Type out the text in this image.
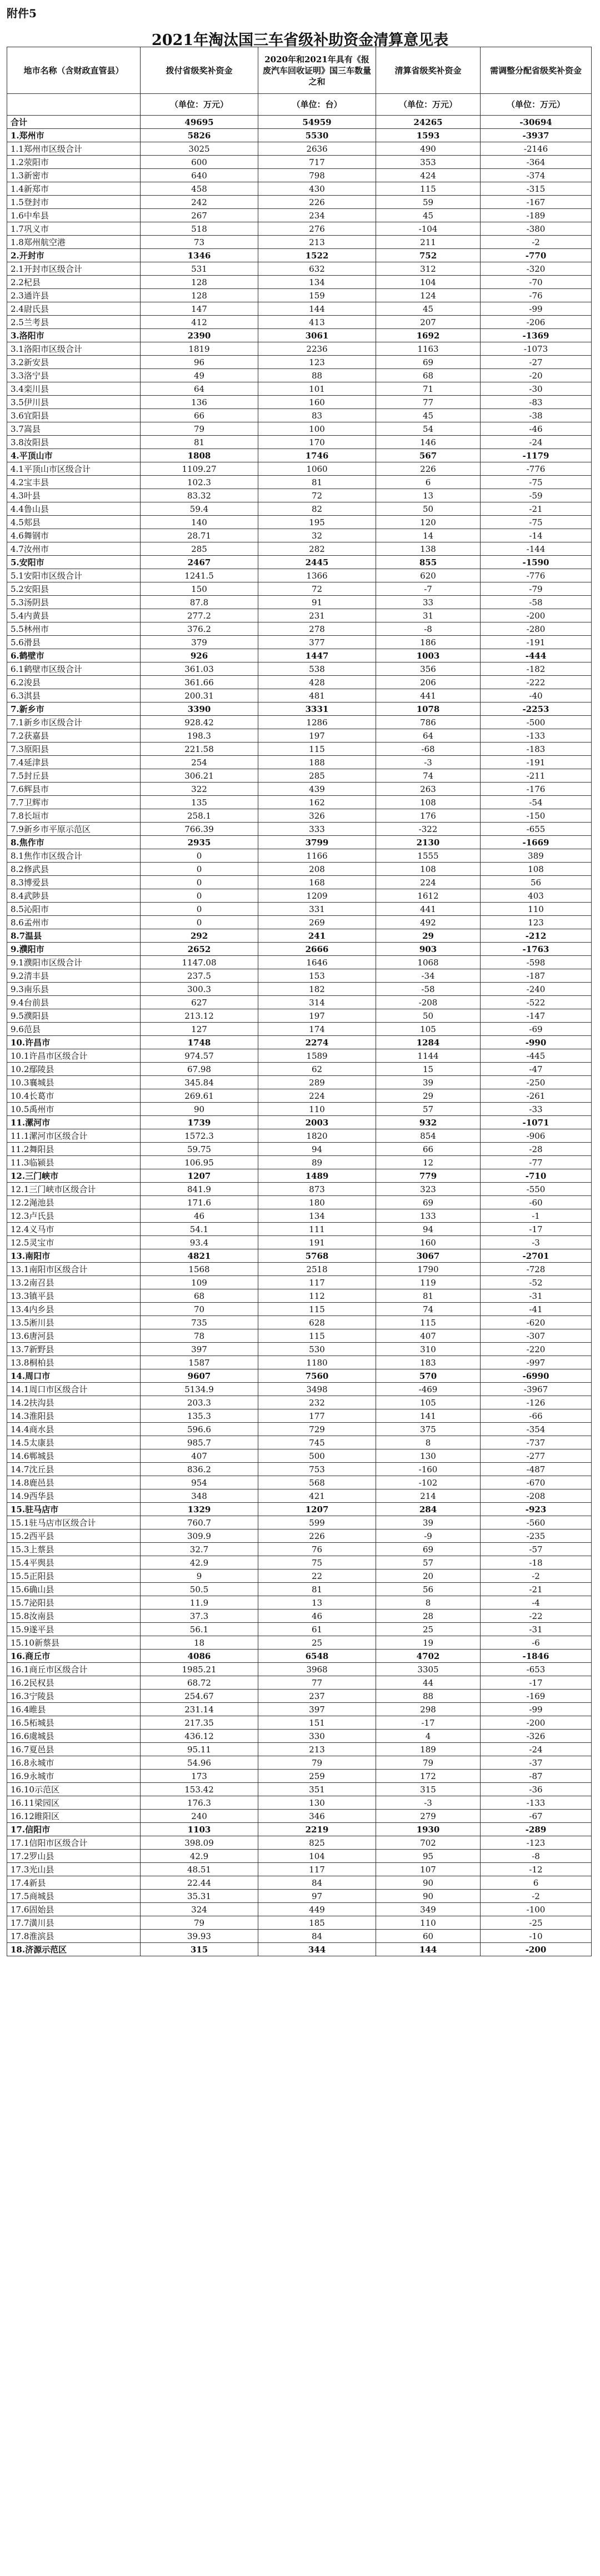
附件5
2021年淘汰国三车省级补助资金清算意见表
地市名称（含财政直管县）	拨付省级奖补资金	2020年和2021年具有《报废汽车回收证明》国三车数量之和	清算省级奖补资金	需调整分配省级奖补资金
	（单位：万元）	（单位：台）	（单位：万元）	（单位：万元）
合计	49695	54959	24265	-30694
1.郑州市	5826	5530	1593	-3937
1.1郑州市区级合计	3025	2636	490	-2146
1.2荥阳市	600	717	353	-364
1.3新密市	640	798	424	-374
1.4新郑市	458	430	115	-315
1.5登封市	242	226	59	-167
1.6中牟县	267	234	45	-189
1.7巩义市	518	276	-104	-380
1.8郑州航空港	73	213	211	-2
2.开封市	1346	1522	752	-770
2.1开封市区级合计	531	632	312	-320
2.2杞县	128	134	104	-70
2.3通许县	128	159	124	-76
2.4尉氏县	147	144	45	-99
2.5兰考县	412	413	207	-206
3.洛阳市	2390	3061	1692	-1369
3.1洛阳市区级合计	1819	2236	1163	-1073
3.2新安县	96	123	69	-27
3.3洛宁县	49	88	68	-20
3.4栾川县	64	101	71	-30
3.5伊川县	136	160	77	-83
3.6宜阳县	66	83	45	-38
3.7嵩县	79	100	54	-46
3.8汝阳县	81	170	146	-24
4.平顶山市	1808	1746	567	-1179
4.1平顶山市区级合计	1109.27	1060	226	-776
4.2宝丰县	102.3	81	6	-75
4.3叶县	83.32	72	13	-59
4.4鲁山县	59.4	82	50	-21
4.5郏县	140	195	120	-75
4.6舞钢市	28.71	32	14	-14
4.7汝州市	285	282	138	-144
5.安阳市	2467	2445	855	-1590
5.1安阳市区级合计	1241.5	1366	620	-776
5.2安阳县	150	72	-7	-79
5.3汤阴县	87.8	91	33	-58
5.4内黄县	277.2	231	31	-200
5.5林州市	376.2	278	-8	-280
5.6滑县	379	377	186	-191
6.鹤壁市	926	1447	1003	-444
6.1鹤壁市区级合计	361.03	538	356	-182
6.2浚县	361.66	428	206	-222
6.3淇县	200.31	481	441	-40
7.新乡市	3390	3331	1078	-2253
7.1新乡市区级合计	928.42	1286	786	-500
7.2获嘉县	198.3	197	64	-133
7.3原阳县	221.58	115	-68	-183
7.4延津县	254	188	-3	-191
7.5封丘县	306.21	285	74	-211
7.6辉县市	322	439	263	-176
7.7卫辉市	135	162	108	-54
7.8长垣市	258.1	326	176	-150
7.9新乡市平原示范区	766.39	333	-322	-655
8.焦作市	2935	3799	2130	-1669
8.1焦作市区级合计	0	1166	1555	389
8.2修武县	0	208	108	108
8.3博爱县	0	168	224	56
8.4武陟县	0	1209	1612	403
8.5沁阳市	0	331	441	110
8.6孟州市	0	269	492	123
8.7温县	292	241	29	-212
9.濮阳市	2652	2666	903	-1763
9.1濮阳市区级合计	1147.08	1646	1068	-598
9.2清丰县	237.5	153	-34	-187
9.3南乐县	300.3	182	-58	-240
9.4台前县	627	314	-208	-522
9.5濮阳县	213.12	197	50	-147
9.6范县	127	174	105	-69
10.许昌市	1748	2274	1284	-990
10.1许昌市区级合计	974.57	1589	1144	-445
10.2鄢陵县	67.98	62	15	-47
10.3襄城县	345.84	289	39	-250
10.4长葛市	269.61	224	29	-261
10.5禹州市	90	110	57	-33
11.漯河市	1739	2003	932	-1071
11.1漯河市区级合计	1572.3	1820	854	-906
11.2舞阳县	59.75	94	66	-28
11.3临颍县	106.95	89	12	-77
12.三门峡市	1207	1489	779	-710
12.1三门峡市区级合计	841.9	873	323	-550
12.2渑池县	171.6	180	69	-60
12.3卢氏县	46	134	133	-1
12.4义马市	54.1	111	94	-17
12.5灵宝市	93.4	191	160	-3
13.南阳市	4821	5768	3067	-2701
13.1南阳市区级合计	1568	2518	1790	-728
13.2南召县	109	117	119	-52
13.3镇平县	68	112	81	-31
13.4内乡县	70	115	74	-41
13.5淅川县	735	628	115	-620
13.6唐河县	78	115	407	-307
13.7新野县	397	530	310	-220
13.8桐柏县	1587	1180	183	-997
14.周口市	9607	7560	570	-6990
14.1周口市区级合计	5134.9	3498	-469	-3967
14.2扶沟县	203.3	232	105	-126
14.3淮阳县	135.3	177	141	-66
14.4商水县	596.6	729	375	-354
14.5太康县	985.7	745	8	-737
14.6郸城县	407	500	130	-277
14.7沈丘县	836.2	753	-160	-487
14.8鹿邑县	954	568	-102	-670
14.9西华县	348	421	214	-208
15.驻马店市	1329	1207	284	-923
15.1驻马店市区级合计	760.7	599	39	-560
15.2西平县	309.9	226	-9	-235
15.3上蔡县	32.7	76	69	-57
15.4平舆县	42.9	75	57	-18
15.5正阳县	9	22	20	-2
15.6确山县	50.5	81	56	-21
15.7泌阳县	11.9	13	8	-4
15.8汝南县	37.3	46	28	-22
15.9遂平县	56.1	61	25	-31
15.10新蔡县	18	25	19	-6
16.商丘市	4086	6548	4702	-1846
16.1商丘市区级合计	1985.21	3968	3305	-653
16.2民权县	68.72	77	44	-17
16.3宁陵县	254.67	237	88	-169
16.4睢县	231.14	397	298	-99
16.5柘城县	217.35	151	-17	-200
16.6虞城县	436.12	330	4	-326
16.7夏邑县	95.11	213	189	-24
16.8永城市	54.96	79	79	-37
16.9永城市	173	259	172	-87
16.10示范区	153.42	351	315	-36
16.11梁园区	176.3	130	-3	-133
16.12睢阳区	240	346	279	-67
17.信阳市	1103	2219	1930	-289
17.1信阳市区级合计	398.09	825	702	-123
17.2罗山县	42.9	104	95	-8
17.3光山县	48.51	117	107	-12
17.4新县	22.44	84	90	6
17.5商城县	35.31	97	90	-2
17.6固始县	324	449	349	-100
17.7潢川县	79	185	110	-25
17.8淮滨县	39.93	84	60	-10
18.济源示范区	315	344	144	-200
